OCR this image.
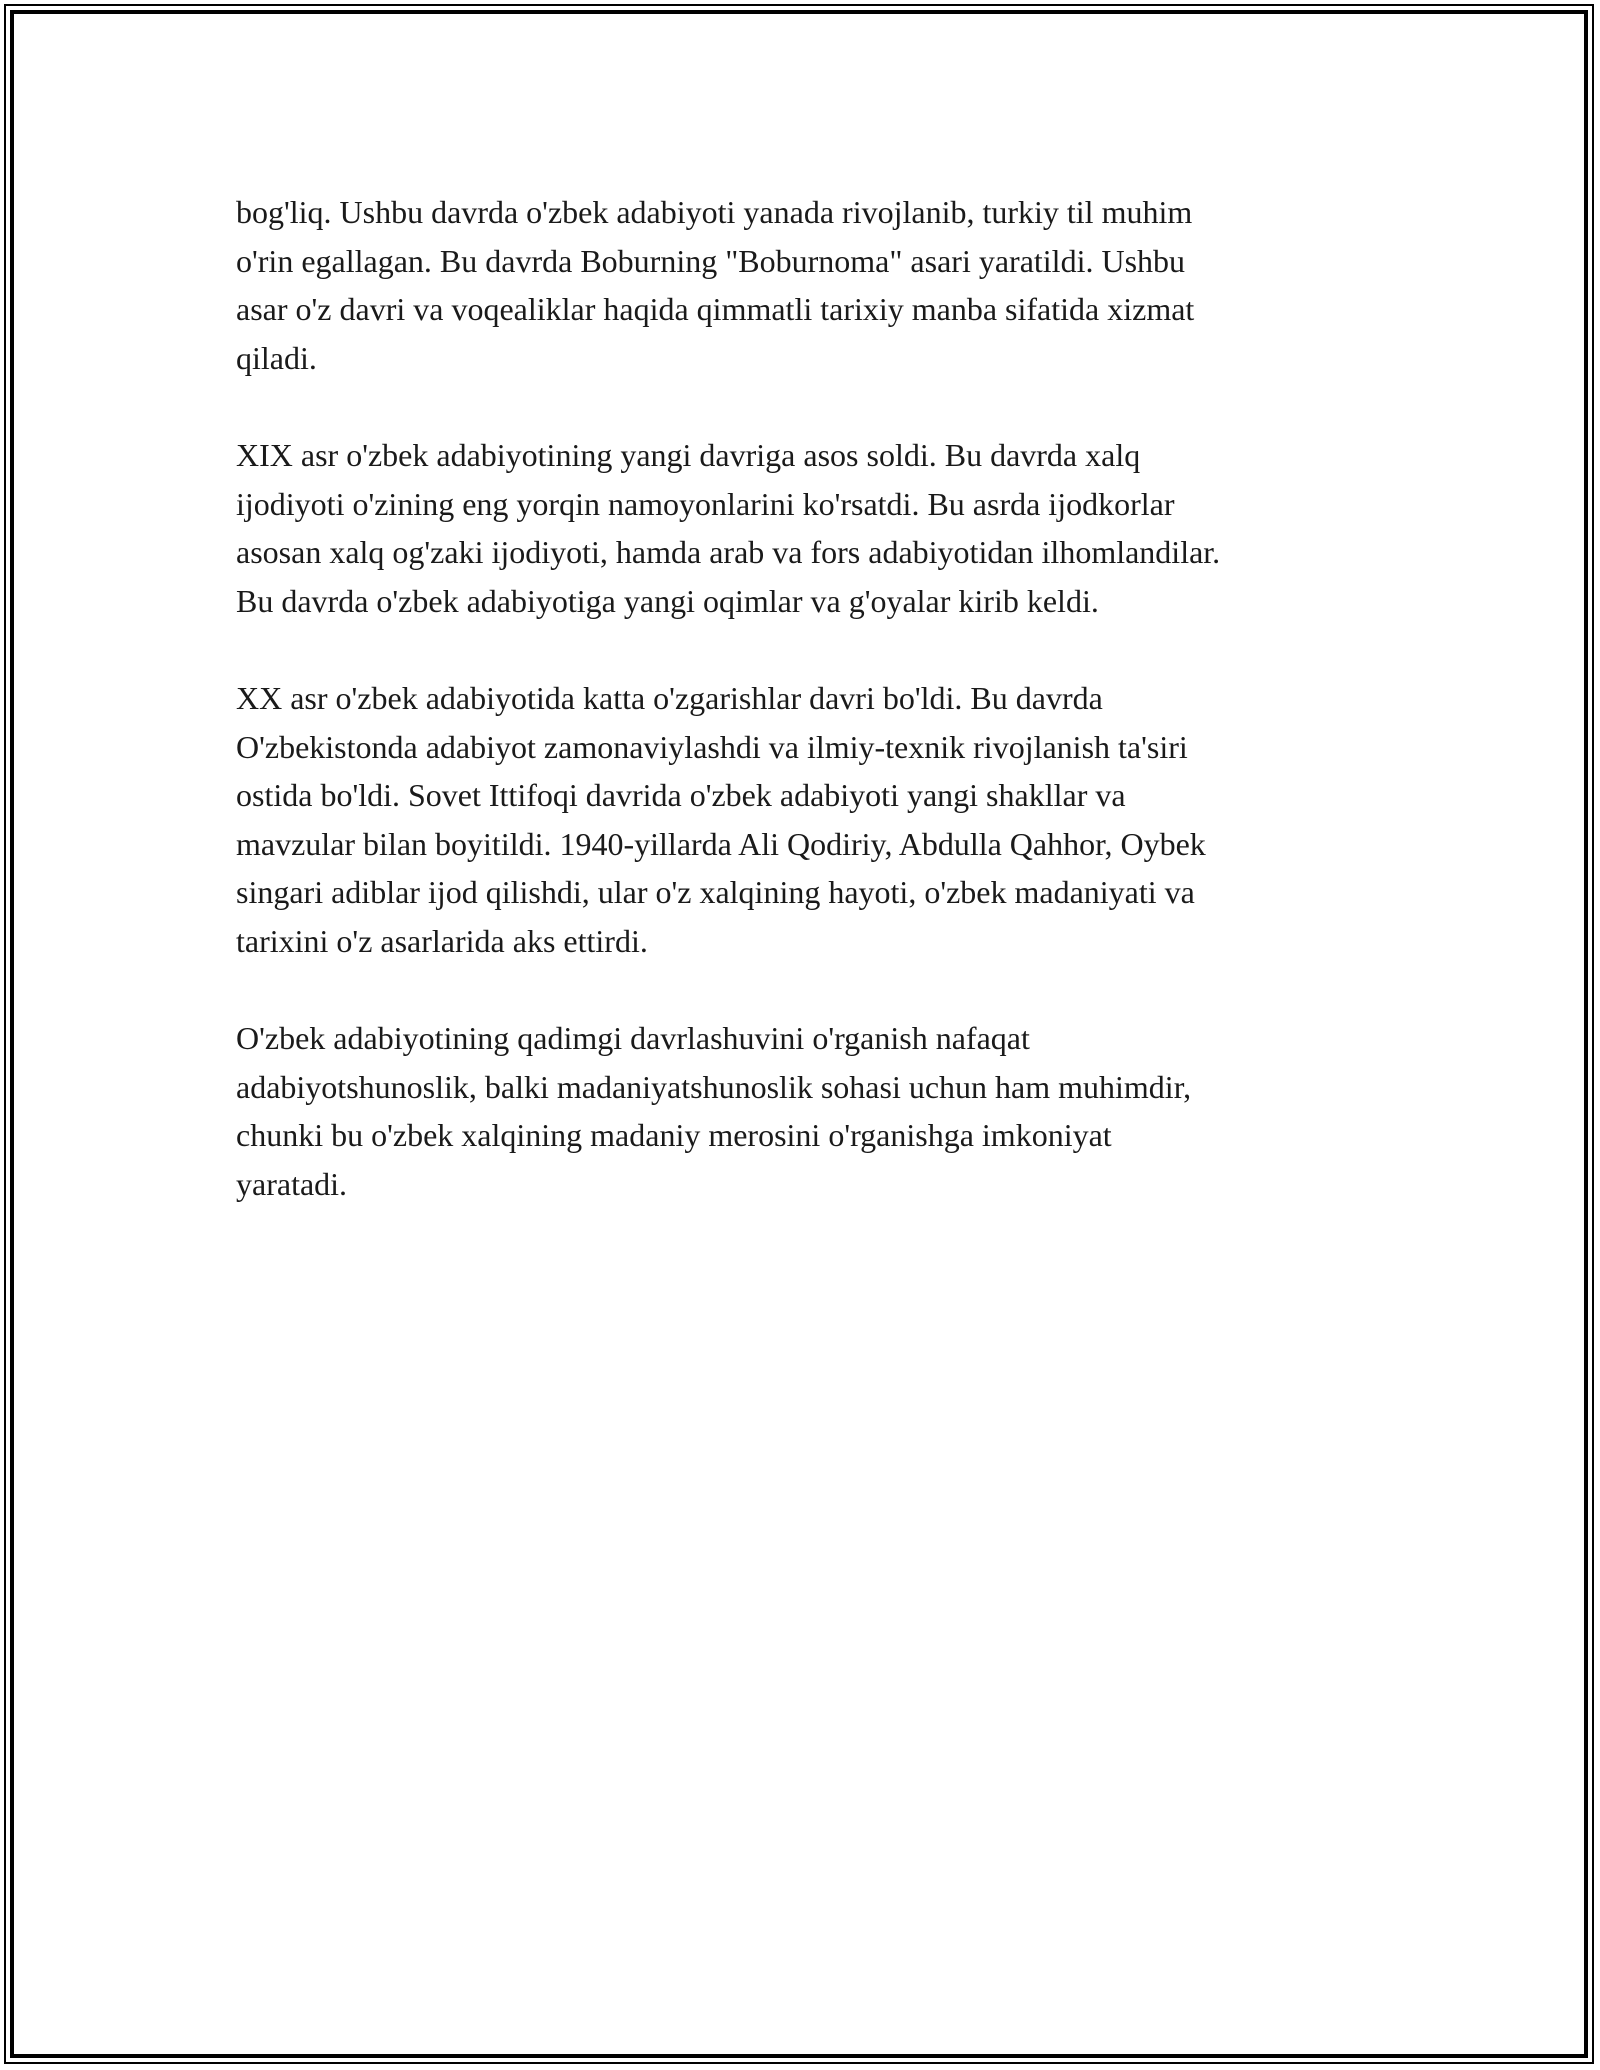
bog'liq. Ushbu davrda o'zbek adabiyoti yanada rivojlanib, turkiy til muhim
o'rin egallagan. Bu davrda Boburning "Boburnoma" asari yaratildi. Ushbu
asar o'z davri va voqealiklar haqida qimmatli tarixiy manba sifatida xizmat
qiladi.

XIX asr o'zbek adabiyotining yangi davriga asos soldi. Bu davrda xalq
ijodiyoti o'zining eng yorqin namoyonlarini ko'rsatdi. Bu asrda ijodkorlar
asosan xalq og'zaki ijodiyoti, hamda arab va fors adabiyotidan ilhomlandilar.
Bu davrda o'zbek adabiyotiga yangi oqimlar va g'oyalar kirib keldi.

XX asr o'zbek adabiyotida katta o'zgarishlar davri bo'ldi. Bu davrda
O'zbekistonda adabiyot zamonaviylashdi va ilmiy-texnik rivojlanish ta'siri
ostida bo'ldi. Sovet Ittifoqi davrida o'zbek adabiyoti yangi shakllar va
mavzular bilan boyitildi. 1940-yillarda Ali Qodiriy, Abdulla Qahhor, Oybek
singari adiblar ijod qilishdi, ular o'z xalqining hayoti, o'zbek madaniyati va
tarixini o'z asarlarida aks ettirdi.

O'zbek adabiyotining qadimgi davrlashuvini o'rganish nafaqat
adabiyotshunoslik, balki madaniyatshunoslik sohasi uchun ham muhimdir,
chunki bu o'zbek xalqining madaniy merosini o'rganishga imkoniyat
yaratadi.
